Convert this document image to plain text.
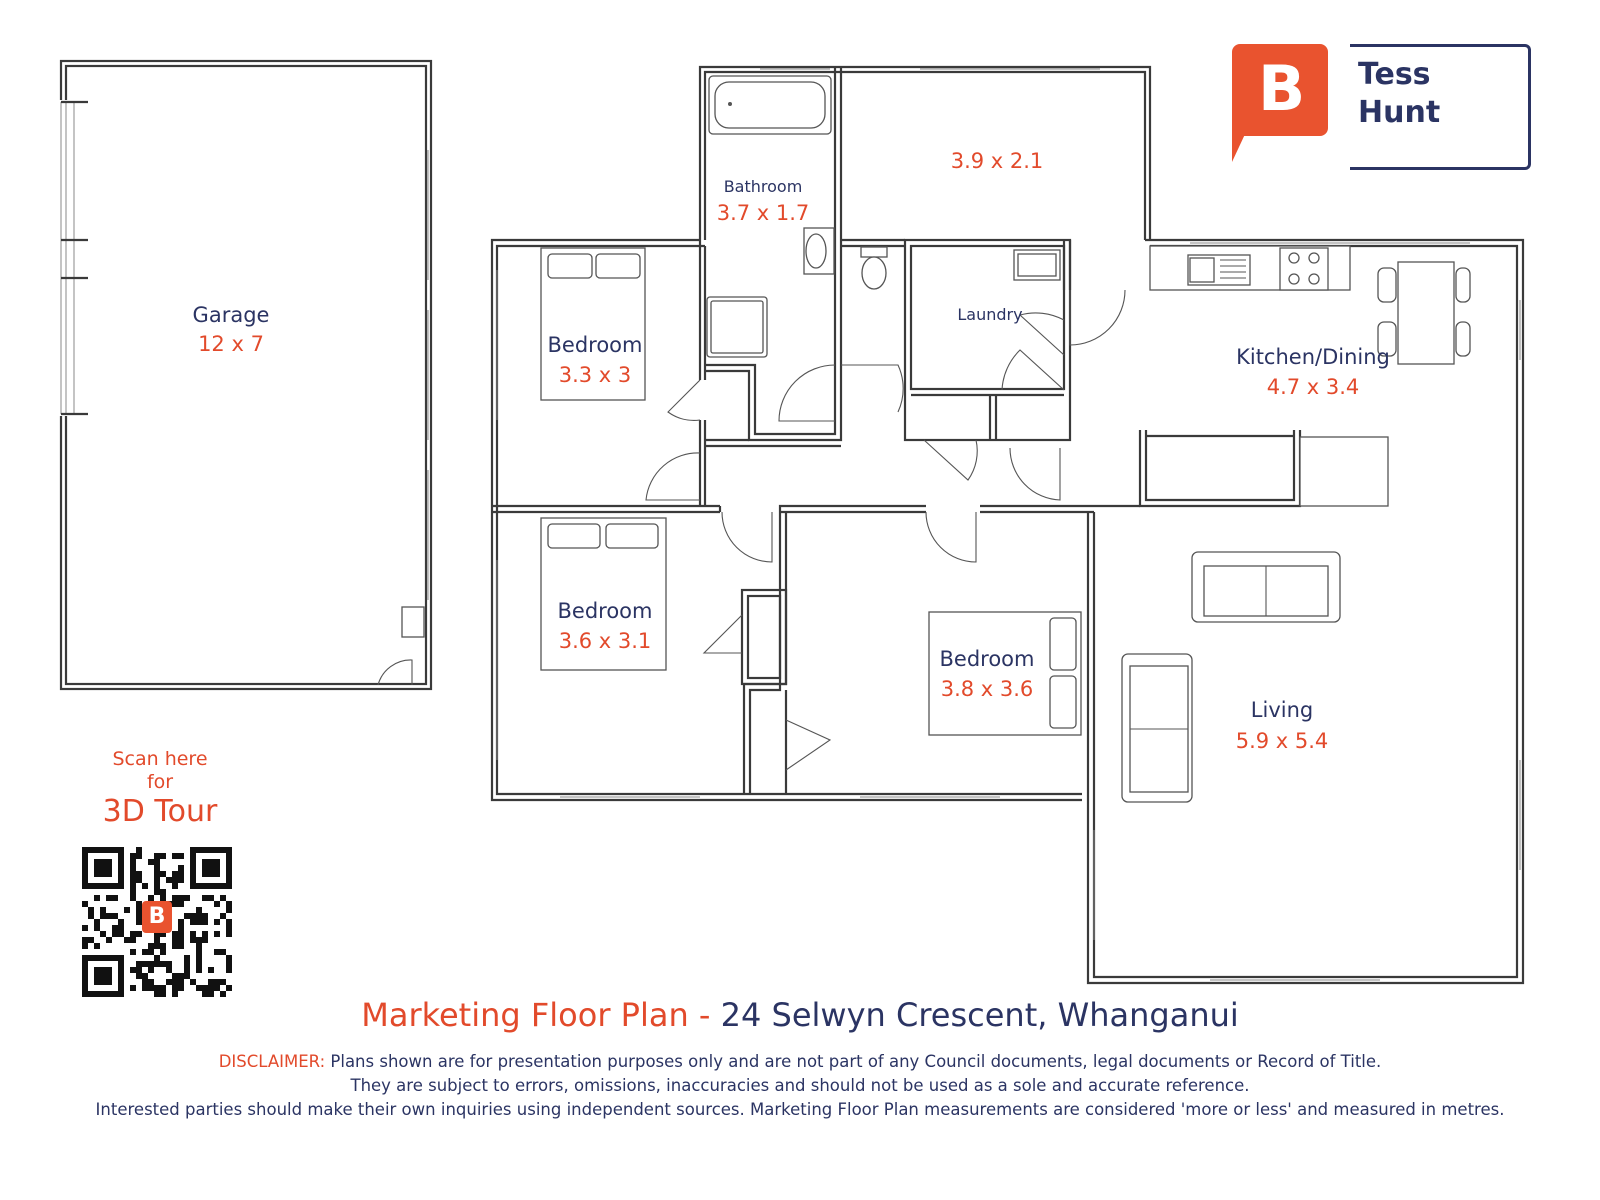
Garage
12 x 7
Bathroom
3.7 x 1.7
3.9 x 2.1
Laundry
Bedroom
3.3 x 3
Bedroom
3.6 x 3.1
Bedroom
3.8 x 3.6
Kitchen/Dining
4.7 x 3.4
Living
5.9 x 5.4
B Tess
Hunt
Scan here
for
3D Tour
B
Marketing Floor Plan - 24 Selwyn Crescent, Whanganui
DISCLAIMER: Plans shown are for presentation purposes only and are not part of any Council documents, legal documents or Record of Title.
They are subject to errors, omissions, inaccuracies and should not be used as a sole and accurate reference.
Interested parties should make their own inquiries using independent sources. Marketing Floor Plan measurements are considered 'more or less' and measured in metres.
